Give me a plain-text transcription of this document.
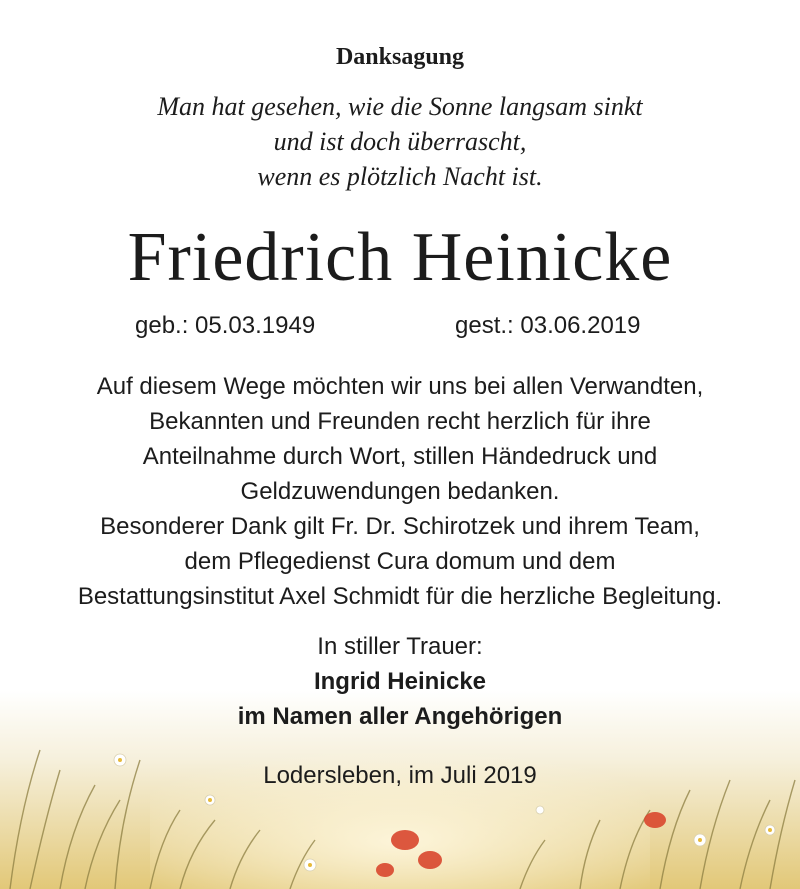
Danksagung
Man hat gesehen, wie die Sonne langsam sinkt
und ist doch überrascht,
wenn es plötzlich Nacht ist.
Friedrich Heinicke
geb.: 05.03.1949	gest.: 03.06.2019
Auf diesem Wege möchten wir uns bei allen Verwandten,
Bekannten und Freunden recht herzlich für ihre
Anteilnahme durch Wort, stillen Händedruck und
Geldzuwendungen bedanken.
Besonderer Dank gilt Fr. Dr. Schirotzek und ihrem Team,
dem Pflegedienst Cura domum und dem
Bestattungsinstitut Axel Schmidt für die herzliche Begleitung.
In stiller Trauer:
Ingrid Heinicke
im Namen aller Angehörigen
Lodersleben, im Juli 2019
